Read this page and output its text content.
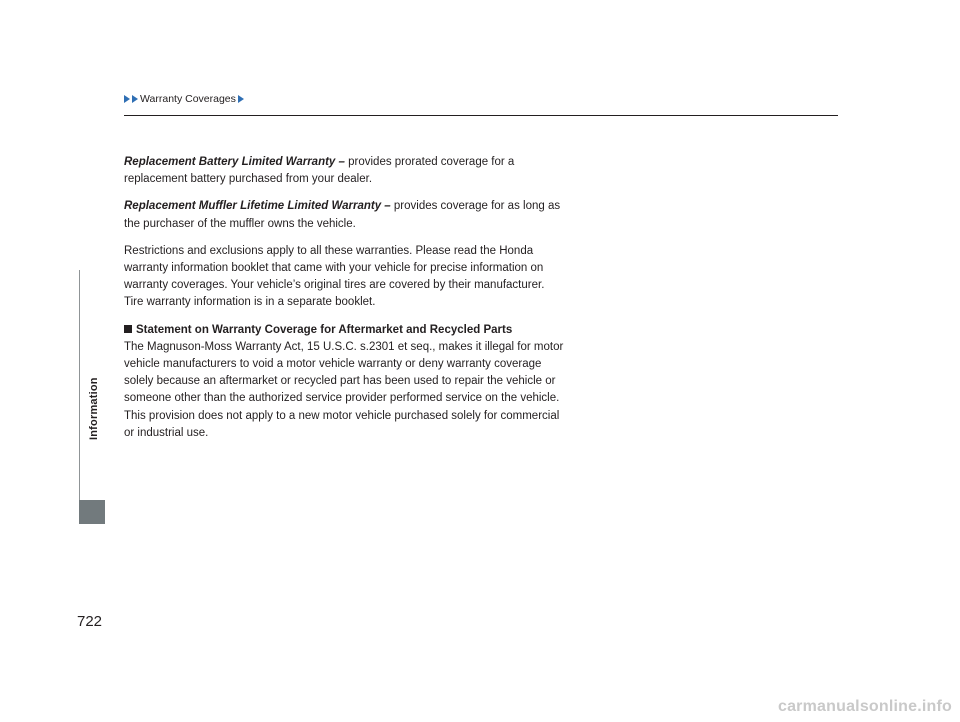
Warranty Coverages
Information

Replacement Battery Limited Warranty – provides prorated coverage for a replacement battery purchased from your dealer.

Replacement Muffler Lifetime Limited Warranty – provides coverage for as long as the purchaser of the muffler owns the vehicle.

Restrictions and exclusions apply to all these warranties. Please read the Honda warranty information booklet that came with your vehicle for precise information on warranty coverages. Your vehicle’s original tires are covered by their manufacturer. Tire warranty information is in a separate booklet.

Statement on Warranty Coverage for Aftermarket and Recycled Parts

The Magnuson-Moss Warranty Act, 15 U.S.C. s.2301 et seq., makes it illegal for motor vehicle manufacturers to void a motor vehicle warranty or deny warranty coverage solely because an aftermarket or recycled part has been used to repair the vehicle or someone other than the authorized service provider performed service on the vehicle. This provision does not apply to a new motor vehicle purchased solely for commercial or industrial use.

722
carmanualsonline.info
